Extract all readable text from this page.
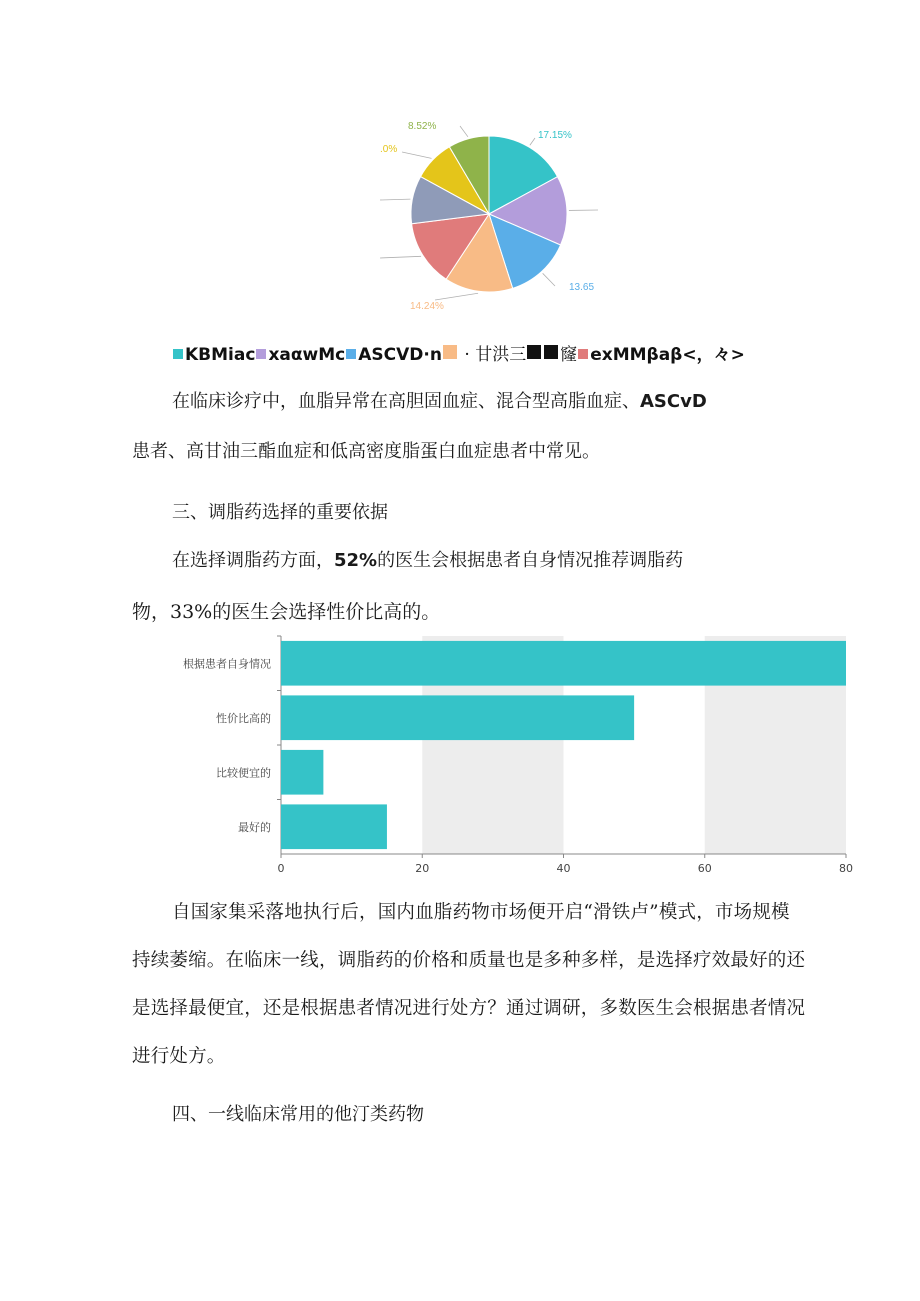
17.15%
13.65
14.24%
.0%
8.52%
KBMiac xaαwMc ASCVD·n · 甘洪三 窿 exMMβaβ<，々>
在临床诊疗中，血脂异常在高胆固血症、混合型高脂血症、ASCvD
患者、高甘油三酯血症和低高密度脂蛋白血症患者中常见。
三、调脂药选择的重要依据
在选择调脂药方面，52%的医生会根据患者自身情况推荐调脂药
物，33%的医生会选择性价比高的。
根据患者自身情况
性价比高的
比较便宜的
最好的
0	20	40	60	80
自国家集采落地执行后，国内血脂药物市场便开启“滑铁卢”模式，市场规模
持续萎缩。在临床一线，调脂药的价格和质量也是多种多样，是选择疗效最好的还
是选择最便宜，还是根据患者情况进行处方？通过调研，多数医生会根据患者情况
进行处方。
四、一线临床常用的他汀类药物
